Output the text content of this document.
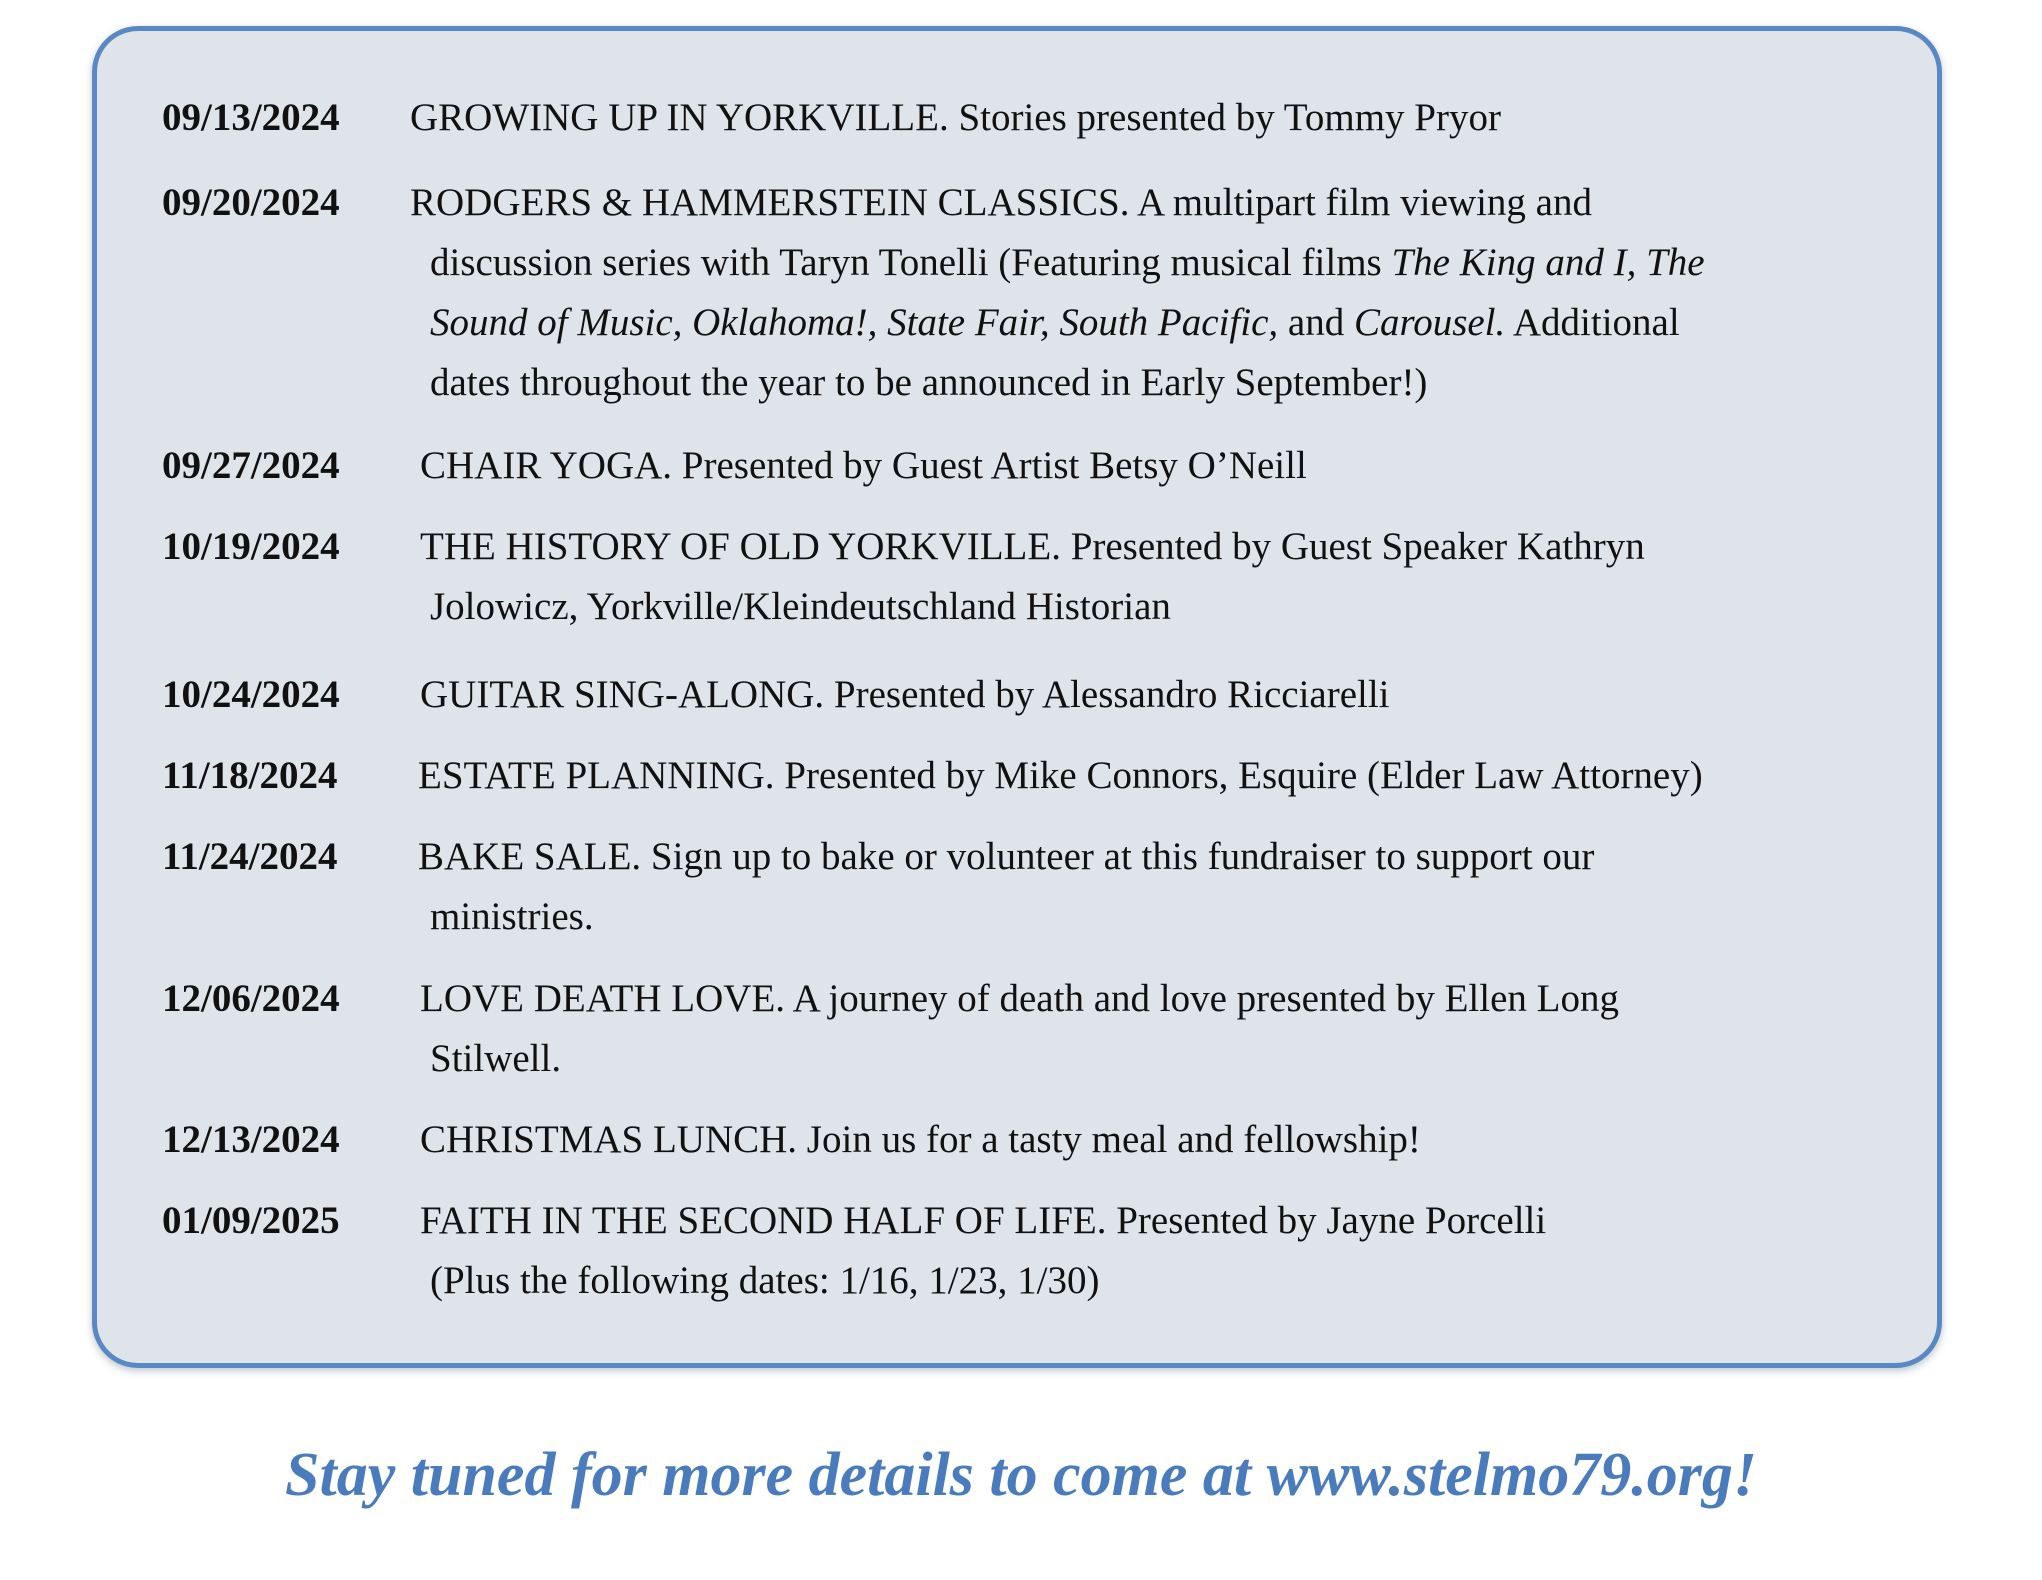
09/13/2024 GROWING UP IN YORKVILLE. Stories presented by Tommy Pryor
09/20/2024 RODGERS & HAMMERSTEIN CLASSICS. A multipart film viewing and
discussion series with Taryn Tonelli (Featuring musical films The King and I, The
Sound of Music, Oklahoma!, State Fair, South Pacific, and Carousel. Additional
dates throughout the year to be announced in Early September!)
09/27/2024 CHAIR YOGA. Presented by Guest Artist Betsy O’Neill
10/19/2024 THE HISTORY OF OLD YORKVILLE. Presented by Guest Speaker Kathryn
Jolowicz, Yorkville/Kleindeutschland Historian
10/24/2024 GUITAR SING-ALONG. Presented by Alessandro Ricciarelli
11/18/2024 ESTATE PLANNING. Presented by Mike Connors, Esquire (Elder Law Attorney)
11/24/2024 BAKE SALE. Sign up to bake or volunteer at this fundraiser to support our
ministries.
12/06/2024 LOVE DEATH LOVE. A journey of death and love presented by Ellen Long
Stilwell.
12/13/2024 CHRISTMAS LUNCH. Join us for a tasty meal and fellowship!
01/09/2025 FAITH IN THE SECOND HALF OF LIFE. Presented by Jayne Porcelli
(Plus the following dates: 1/16, 1/23, 1/30)
Stay tuned for more details to come at www.stelmo79.org!
